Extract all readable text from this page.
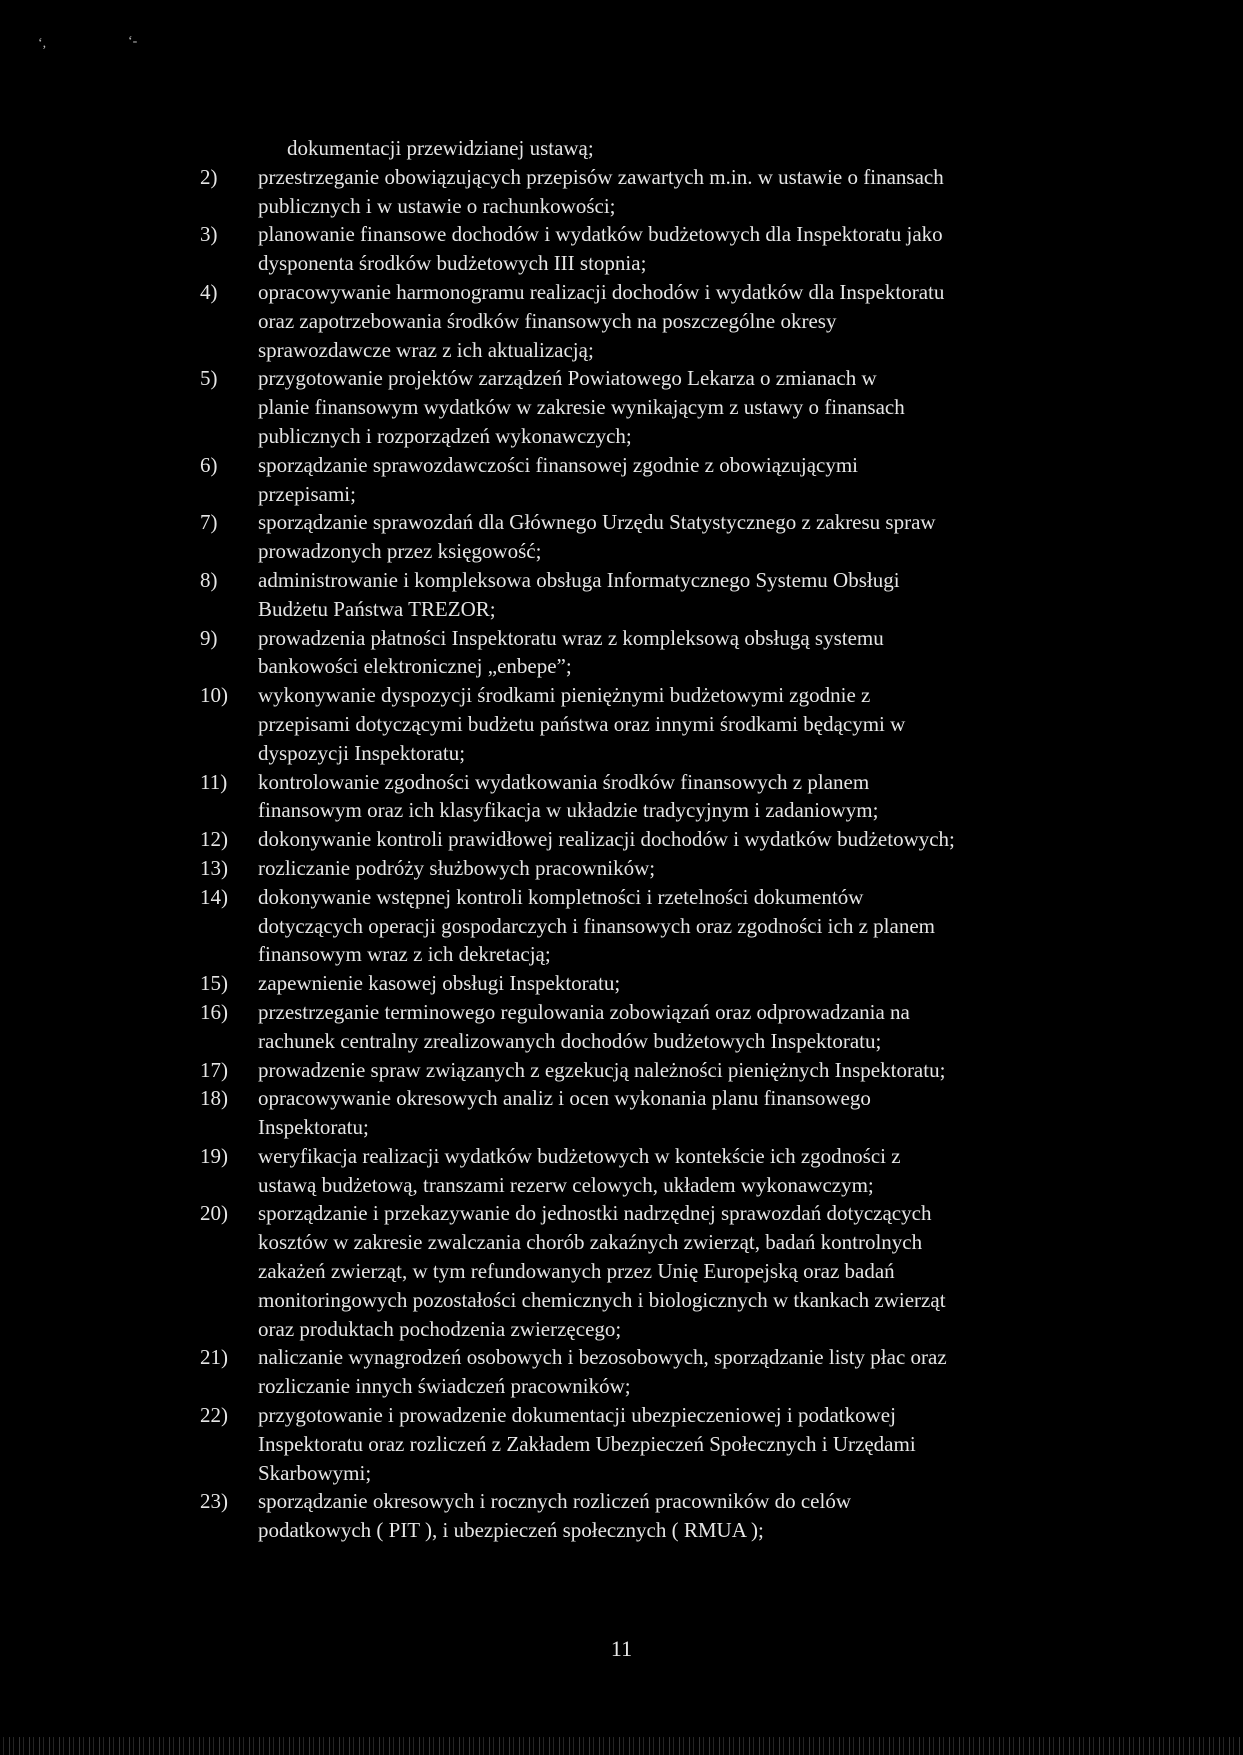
‘,	‘-

dokumentacji przewidzianej ustawą;

2)	przestrzeganie obowiązujących przepisów zawartych m.in. w ustawie o finansach
publicznych i w ustawie o rachunkowości;
3)	planowanie finansowe dochodów i wydatków budżetowych dla Inspektoratu jako
dysponenta środków budżetowych III stopnia;
4)	opracowywanie harmonogramu realizacji dochodów i wydatków dla Inspektoratu
oraz zapotrzebowania środków finansowych na poszczególne okresy
sprawozdawcze wraz z ich aktualizacją;
5)	przygotowanie projektów zarządzeń Powiatowego Lekarza o zmianach w
planie finansowym wydatków w zakresie wynikającym z ustawy o finansach
publicznych i rozporządzeń wykonawczych;
6)	sporządzanie sprawozdawczości finansowej zgodnie z obowiązującymi
przepisami;
7)	sporządzanie sprawozdań dla Głównego Urzędu Statystycznego z zakresu spraw
prowadzonych przez księgowość;
8)	administrowanie i kompleksowa obsługa Informatycznego Systemu Obsługi
Budżetu Państwa TREZOR;
9)	prowadzenia płatności Inspektoratu wraz z kompleksową obsługą systemu
bankowości elektronicznej „enbepe”;
10)	wykonywanie dyspozycji środkami pieniężnymi budżetowymi zgodnie z
przepisami dotyczącymi budżetu państwa oraz innymi środkami będącymi w
dyspozycji Inspektoratu;
11)	kontrolowanie zgodności wydatkowania środków finansowych z planem
finansowym oraz ich klasyfikacja w układzie tradycyjnym i zadaniowym;
12)	dokonywanie kontroli prawidłowej realizacji dochodów i wydatków budżetowych;
13)	rozliczanie podróży służbowych pracowników;
14)	dokonywanie wstępnej kontroli kompletności i rzetelności dokumentów
dotyczących operacji gospodarczych i finansowych oraz zgodności ich z planem
finansowym wraz z ich dekretacją;
15)	zapewnienie kasowej obsługi Inspektoratu;
16)	przestrzeganie terminowego regulowania zobowiązań oraz odprowadzania na
rachunek centralny zrealizowanych dochodów budżetowych Inspektoratu;
17)	prowadzenie spraw związanych z egzekucją należności pieniężnych Inspektoratu;
18)	opracowywanie okresowych analiz i ocen wykonania planu finansowego
Inspektoratu;
19)	weryfikacja realizacji wydatków budżetowych w kontekście ich zgodności z
ustawą budżetową, transzami rezerw celowych, układem wykonawczym;
20)	sporządzanie i przekazywanie do jednostki nadrzędnej sprawozdań dotyczących
kosztów w zakresie zwalczania chorób zakaźnych zwierząt, badań kontrolnych
zakażeń zwierząt, w tym refundowanych przez Unię Europejską oraz badań
monitoringowych pozostałości chemicznych i biologicznych w tkankach zwierząt
oraz produktach pochodzenia zwierzęcego;
21)	naliczanie wynagrodzeń osobowych i bezosobowych, sporządzanie listy płac oraz
rozliczanie innych świadczeń pracowników;
22)	przygotowanie i prowadzenie dokumentacji ubezpieczeniowej i podatkowej
Inspektoratu oraz rozliczeń z Zakładem Ubezpieczeń Społecznych i Urzędami
Skarbowymi;
23)	sporządzanie okresowych i rocznych rozliczeń pracowników do celów
podatkowych ( PIT ), i ubezpieczeń społecznych ( RMUA );
11
